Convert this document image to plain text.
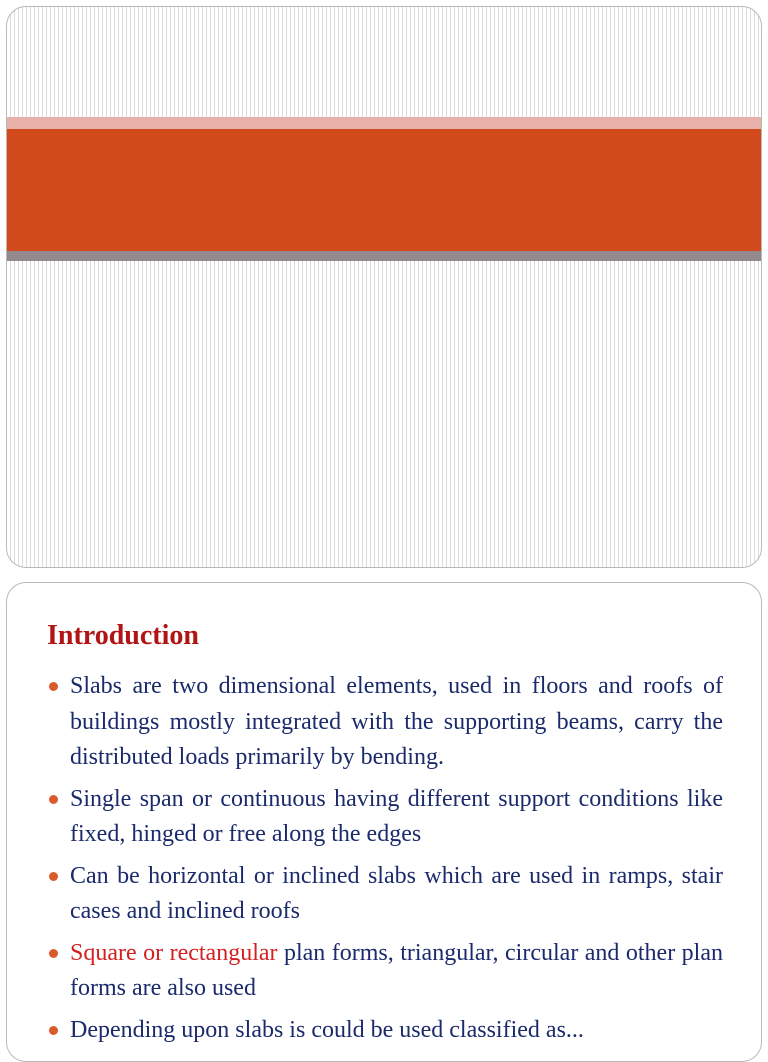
Introduction
Slabs are two dimensional elements, used in floors and roofs of buildings mostly integrated with the supporting beams, carry the distributed loads primarily by bending.
Single span or continuous having different support conditions like fixed, hinged or free along the edges
Can be horizontal or inclined slabs which are used in ramps, stair cases and inclined roofs
Square or rectangular plan forms, triangular, circular and other plan forms are also used
Depending upon slabs is could be used classified as...
